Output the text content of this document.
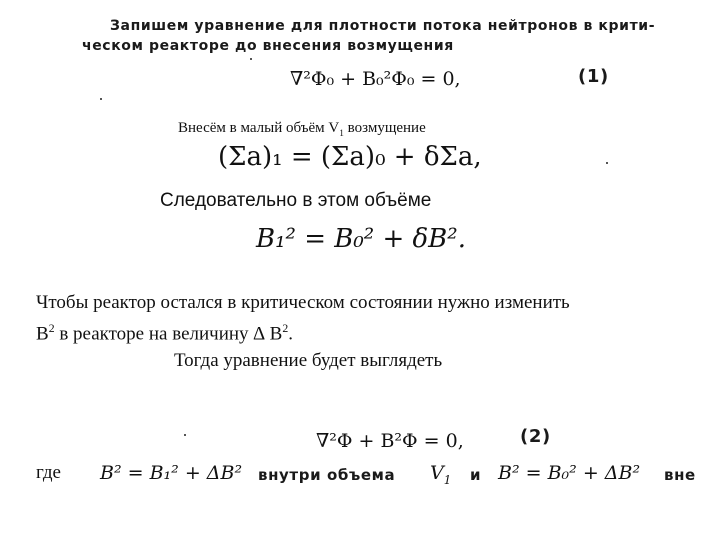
Запишем уравнение для плотности потока нейтронов в крити-
ческом реакторе до внесения возмущения
∇²Φ₀ + B₀²Φ₀ = 0,	(1)
Внесём в малый объём $V_1$ возмущение
(Σa)₁ = (Σa)₀ + δΣa,
Следовательно в этом объёме
B₁² = B₀² + δB².
Чтобы реактор остался в критическом состоянии нужно изменить
$B^2$ в реакторе на величину ∆ $B^2$.
Тогда уравнение будет выглядеть
∇²Φ + B²Φ = 0,	(2)
где B² = B₁² + ΔB² внутри объема $V_1$ и B² = B₀² + ΔB² вне
